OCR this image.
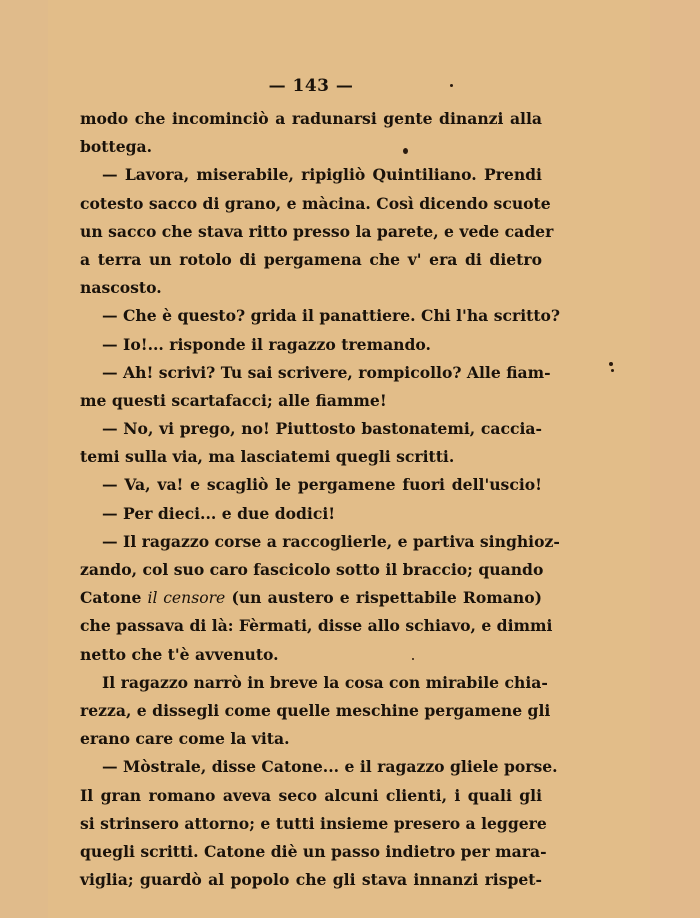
— 143 —
modo che incominciò a radunarsi gente dinanzi alla
bottega.
— Lavora, miserabile, ripigliò Quintiliano. Prendi
cotesto sacco di grano, e màcina. Così dicendo scuote
un sacco che stava ritto presso la parete, e vede cader
a terra un rotolo di pergamena che v' era di dietro
nascosto.
— Che è questo? grida il panattiere. Chi l'ha scritto?
— Io!... risponde il ragazzo tremando.
— Ah! scrivi? Tu sai scrivere, rompicollo? Alle fiam-
me questi scartafacci; alle fiamme!
— No, vi prego, no! Piuttosto bastonatemi, caccia-
temi sulla via, ma lasciatemi quegli scritti.
— Va, va! e scagliò le pergamene fuori dell'uscio!
— Per dieci... e due dodici!
— Il ragazzo corse a raccoglierle, e partiva singhioz-
zando, col suo caro fascicolo sotto il braccio; quando
Catone il censore (un austero e rispettabile Romano)
che passava di là: Fèrmati, disse allo schiavo, e dimmi
netto che t'è avvenuto.
Il ragazzo narrò in breve la cosa con mirabile chia-
rezza, e dissegli come quelle meschine pergamene gli
erano care come la vita.
— Mòstrale, disse Catone... e il ragazzo gliele porse.
Il gran romano aveva seco alcuni clienti, i quali gli
si strinsero attorno; e tutti insieme presero a leggere
quegli scritti. Catone diè un passo indietro per mara-
viglia; guardò al popolo che gli stava innanzi rispet-
